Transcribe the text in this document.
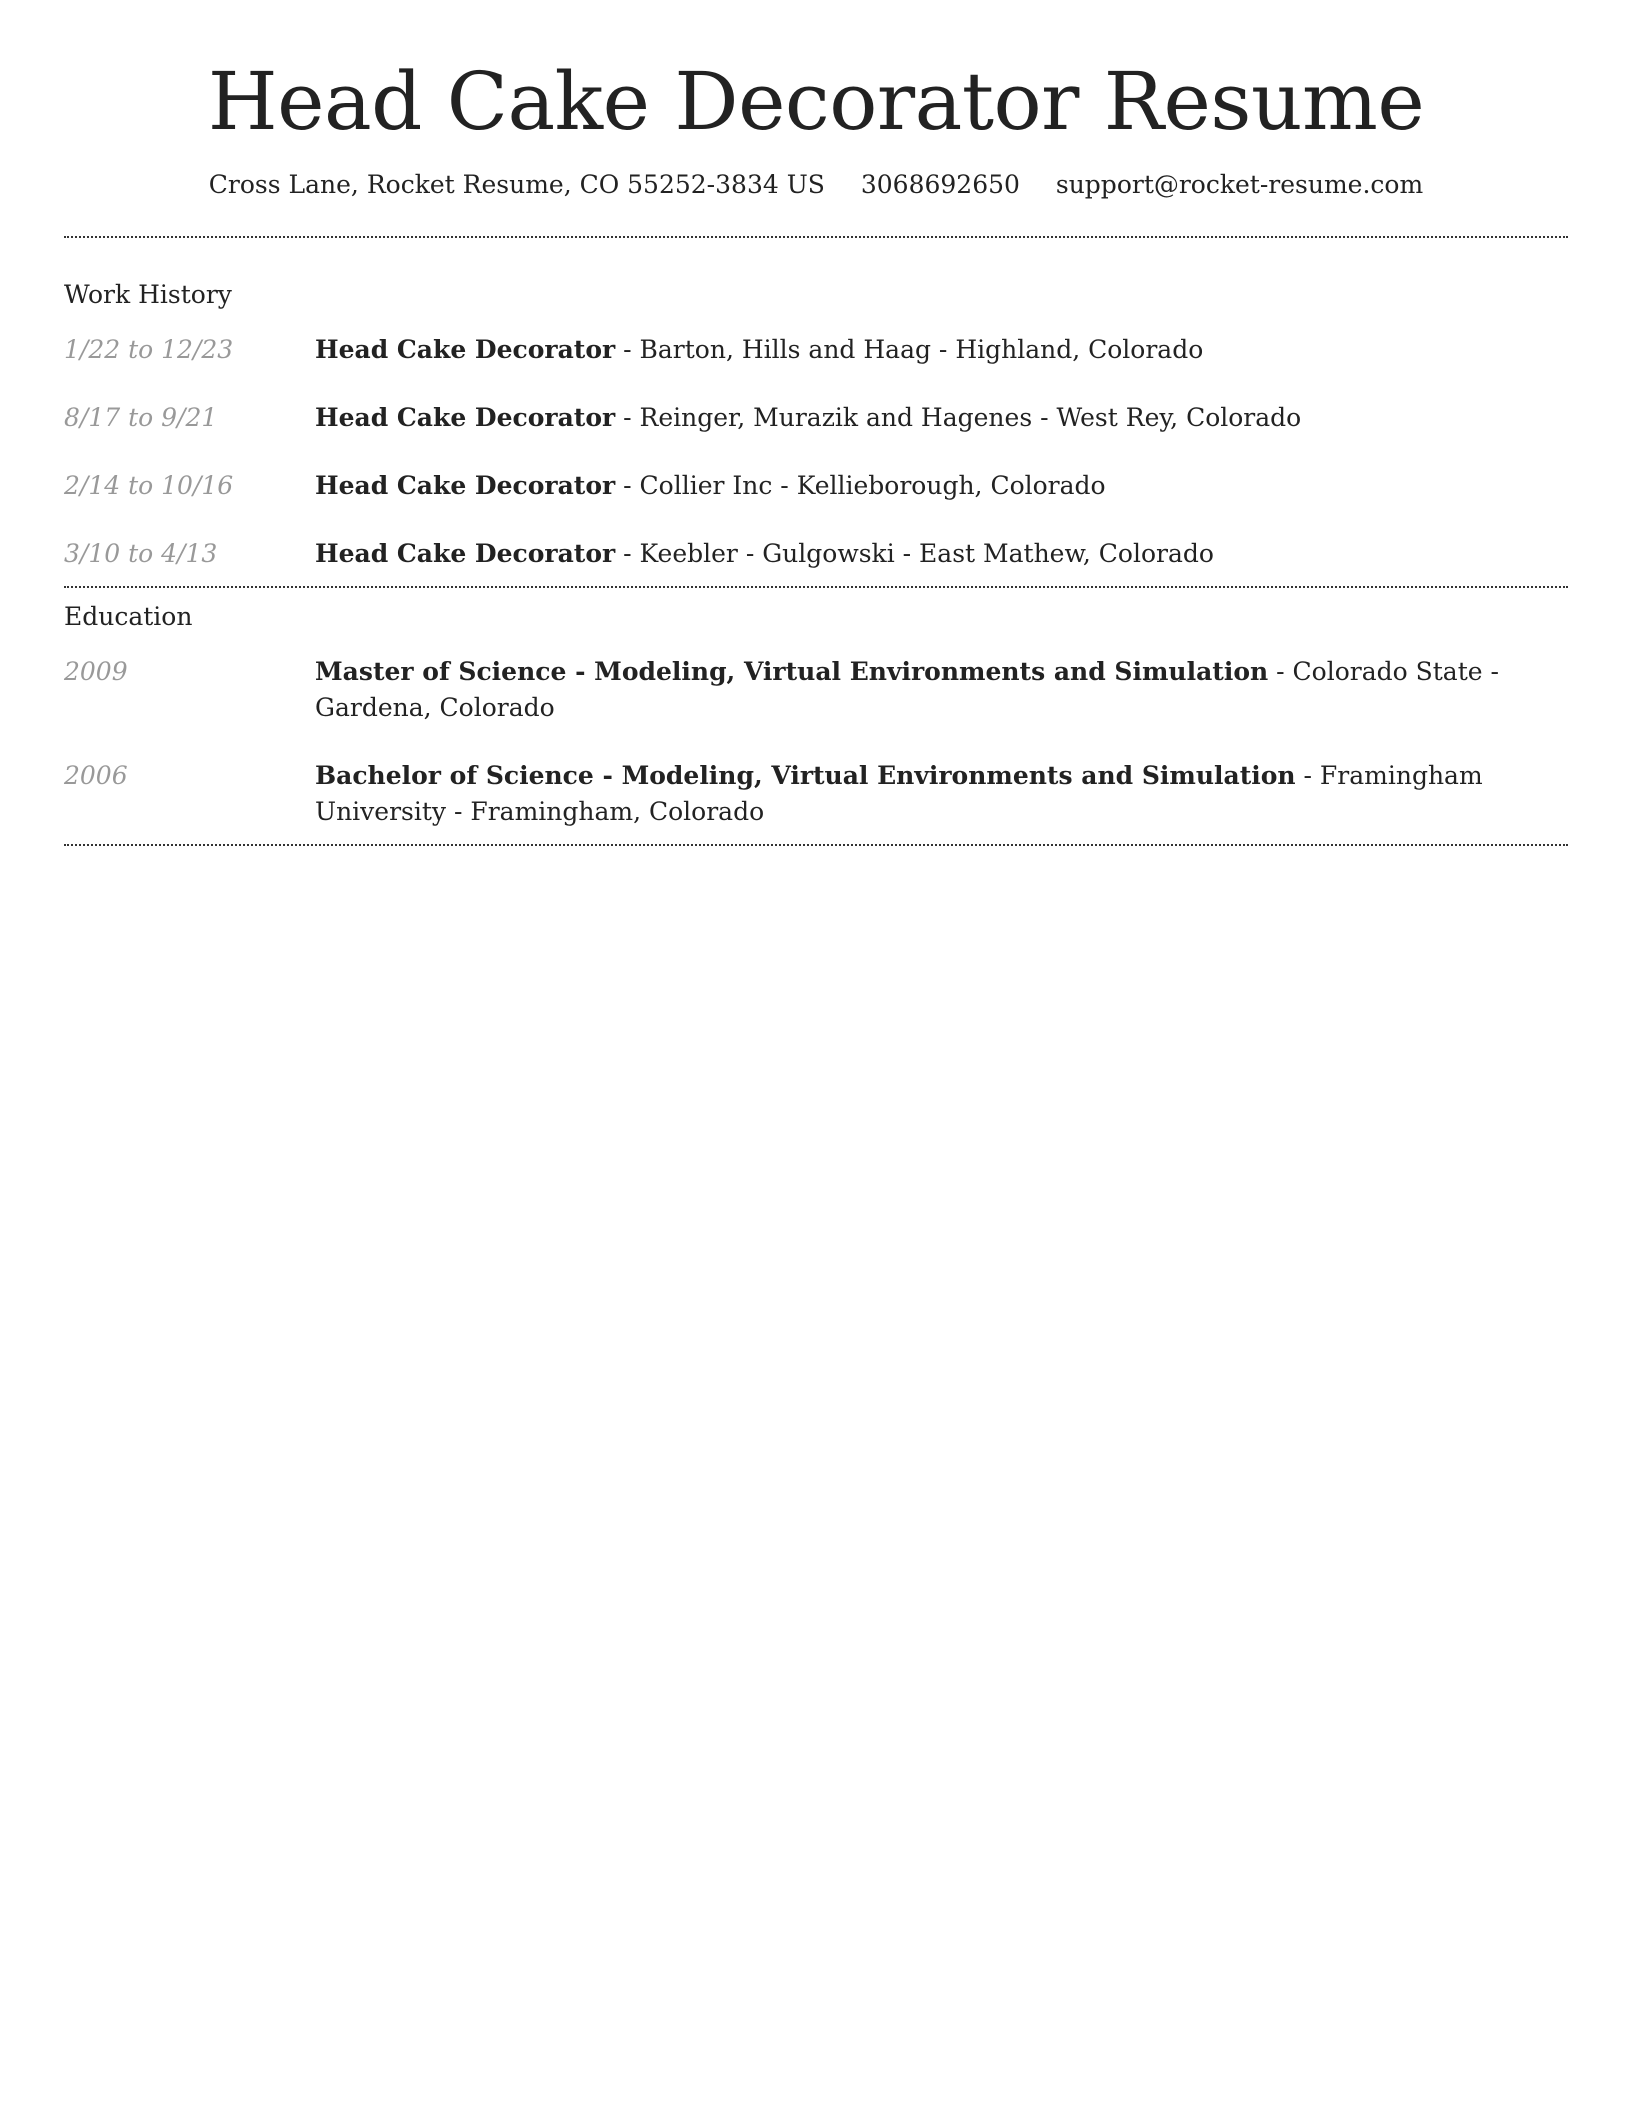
Head Cake Decorator Resume
Cross Lane, Rocket Resume, CO 55252-3834 US 3068692650 support@rocket-resume.com
Work History
1/22 to 12/23	Head Cake Decorator - Barton, Hills and Haag - Highland, Colorado
8/17 to 9/21	Head Cake Decorator - Reinger, Murazik and Hagenes - West Rey, Colorado
2/14 to 10/16	Head Cake Decorator - Collier Inc - Kellieborough, Colorado
3/10 to 4/13	Head Cake Decorator - Keebler - Gulgowski - East Mathew, Colorado
Education
2009	Master of Science - Modeling, Virtual Environments and Simulation - Colorado State - Gardena, Colorado
2006	Bachelor of Science - Modeling, Virtual Environments and Simulation - Framingham University - Framingham, Colorado
